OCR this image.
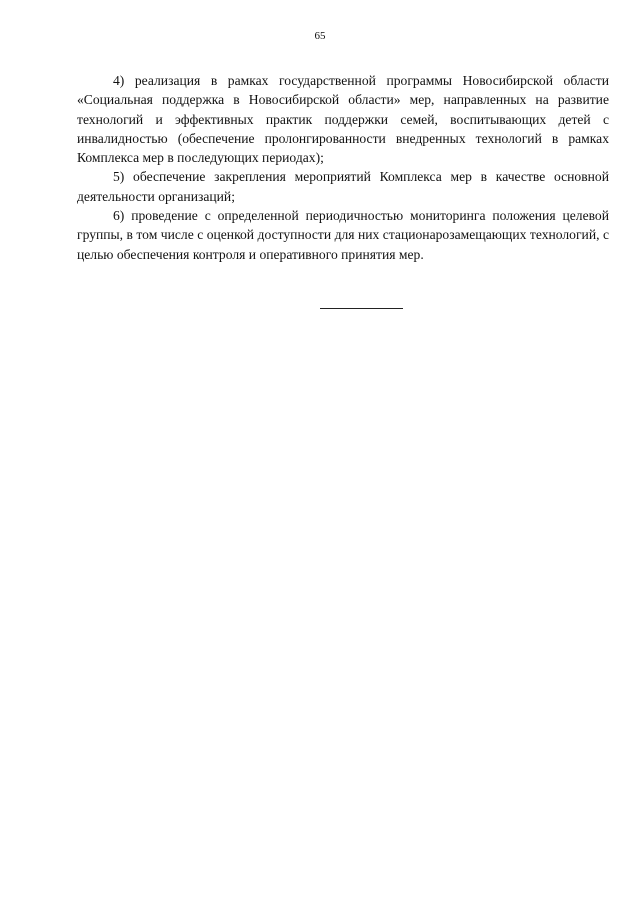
65

4) реализация в рамках государственной программы Новосибирской области «Социальная поддержка в Новосибирской области» мер, направленных на развитие технологий и эффективных практик поддержки семей, воспитывающих детей с инвалидностью (обеспечение пролонгированности внедренных технологий в рамках Комплекса мер в последующих периодах);

5) обеспечение закрепления мероприятий Комплекса мер в качестве основной деятельности организаций;

6) проведение с определенной периодичностью мониторинга положения целевой группы, в том числе с оценкой доступности для них стационарозамещающих технологий, с целью обеспечения контроля и оперативного принятия мер.
